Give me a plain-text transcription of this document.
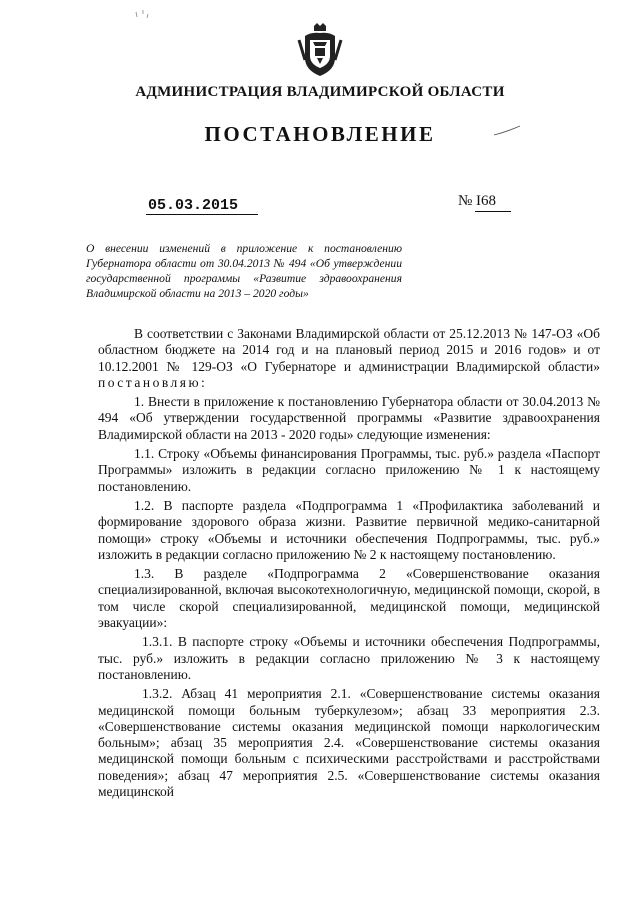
АДМИНИСТРАЦИЯ ВЛАДИМИРСКОЙ ОБЛАСТИ
ПОСТАНОВЛЕНИЕ
05.03.2015	№ I68
О внесении изменений в приложение к постановлению Губернатора области от 30.04.2013 № 494 «Об утверждении государственной программы «Развитие здравоохранения Владимирской области на 2013 – 2020 годы»

В соответствии с Законами Владимирской области от 25.12.2013 № 147-ОЗ «Об областном бюджете на 2014 год и на плановый период 2015 и 2016 годов» и от 10.12.2001 № 129-ОЗ «О Губернаторе и администрации Владимирской области» постановляю:

1. Внести в приложение к постановлению Губернатора области от 30.04.2013 № 494 «Об утверждении государственной программы «Развитие здравоохранения Владимирской области на 2013 - 2020 годы» следующие изменения:

1.1. Строку «Объемы финансирования Программы, тыс. руб.» раздела «Паспорт Программы» изложить в редакции согласно приложению № 1 к настоящему постановлению.

1.2. В паспорте раздела «Подпрограмма 1 «Профилактика заболеваний и формирование здорового образа жизни. Развитие первичной медико-санитарной помощи» строку «Объемы и источники обеспечения Подпрограммы, тыс. руб.» изложить в редакции согласно приложению № 2 к настоящему постановлению.

1.3. В разделе «Подпрограмма 2 «Совершенствование оказания специализированной, включая высокотехнологичную, медицинской помощи, скорой, в том числе скорой специализированной, медицинской помощи, медицинской эвакуации»:

1.3.1. В паспорте строку «Объемы и источники обеспечения Подпрограммы, тыс. руб.» изложить в редакции согласно приложению № 3 к настоящему постановлению.

1.3.2. Абзац 41 мероприятия 2.1. «Совершенствование системы оказания медицинской помощи больным туберкулезом»; абзац 33 мероприятия 2.3. «Совершенствование системы оказания медицинской помощи наркологическим больным»; абзац 35 мероприятия 2.4. «Совершенствование системы оказания медицинской помощи больным с психическими расстройствами и расстройствами поведения»; абзац 47 мероприятия 2.5. «Совершенствование системы оказания медицинской
